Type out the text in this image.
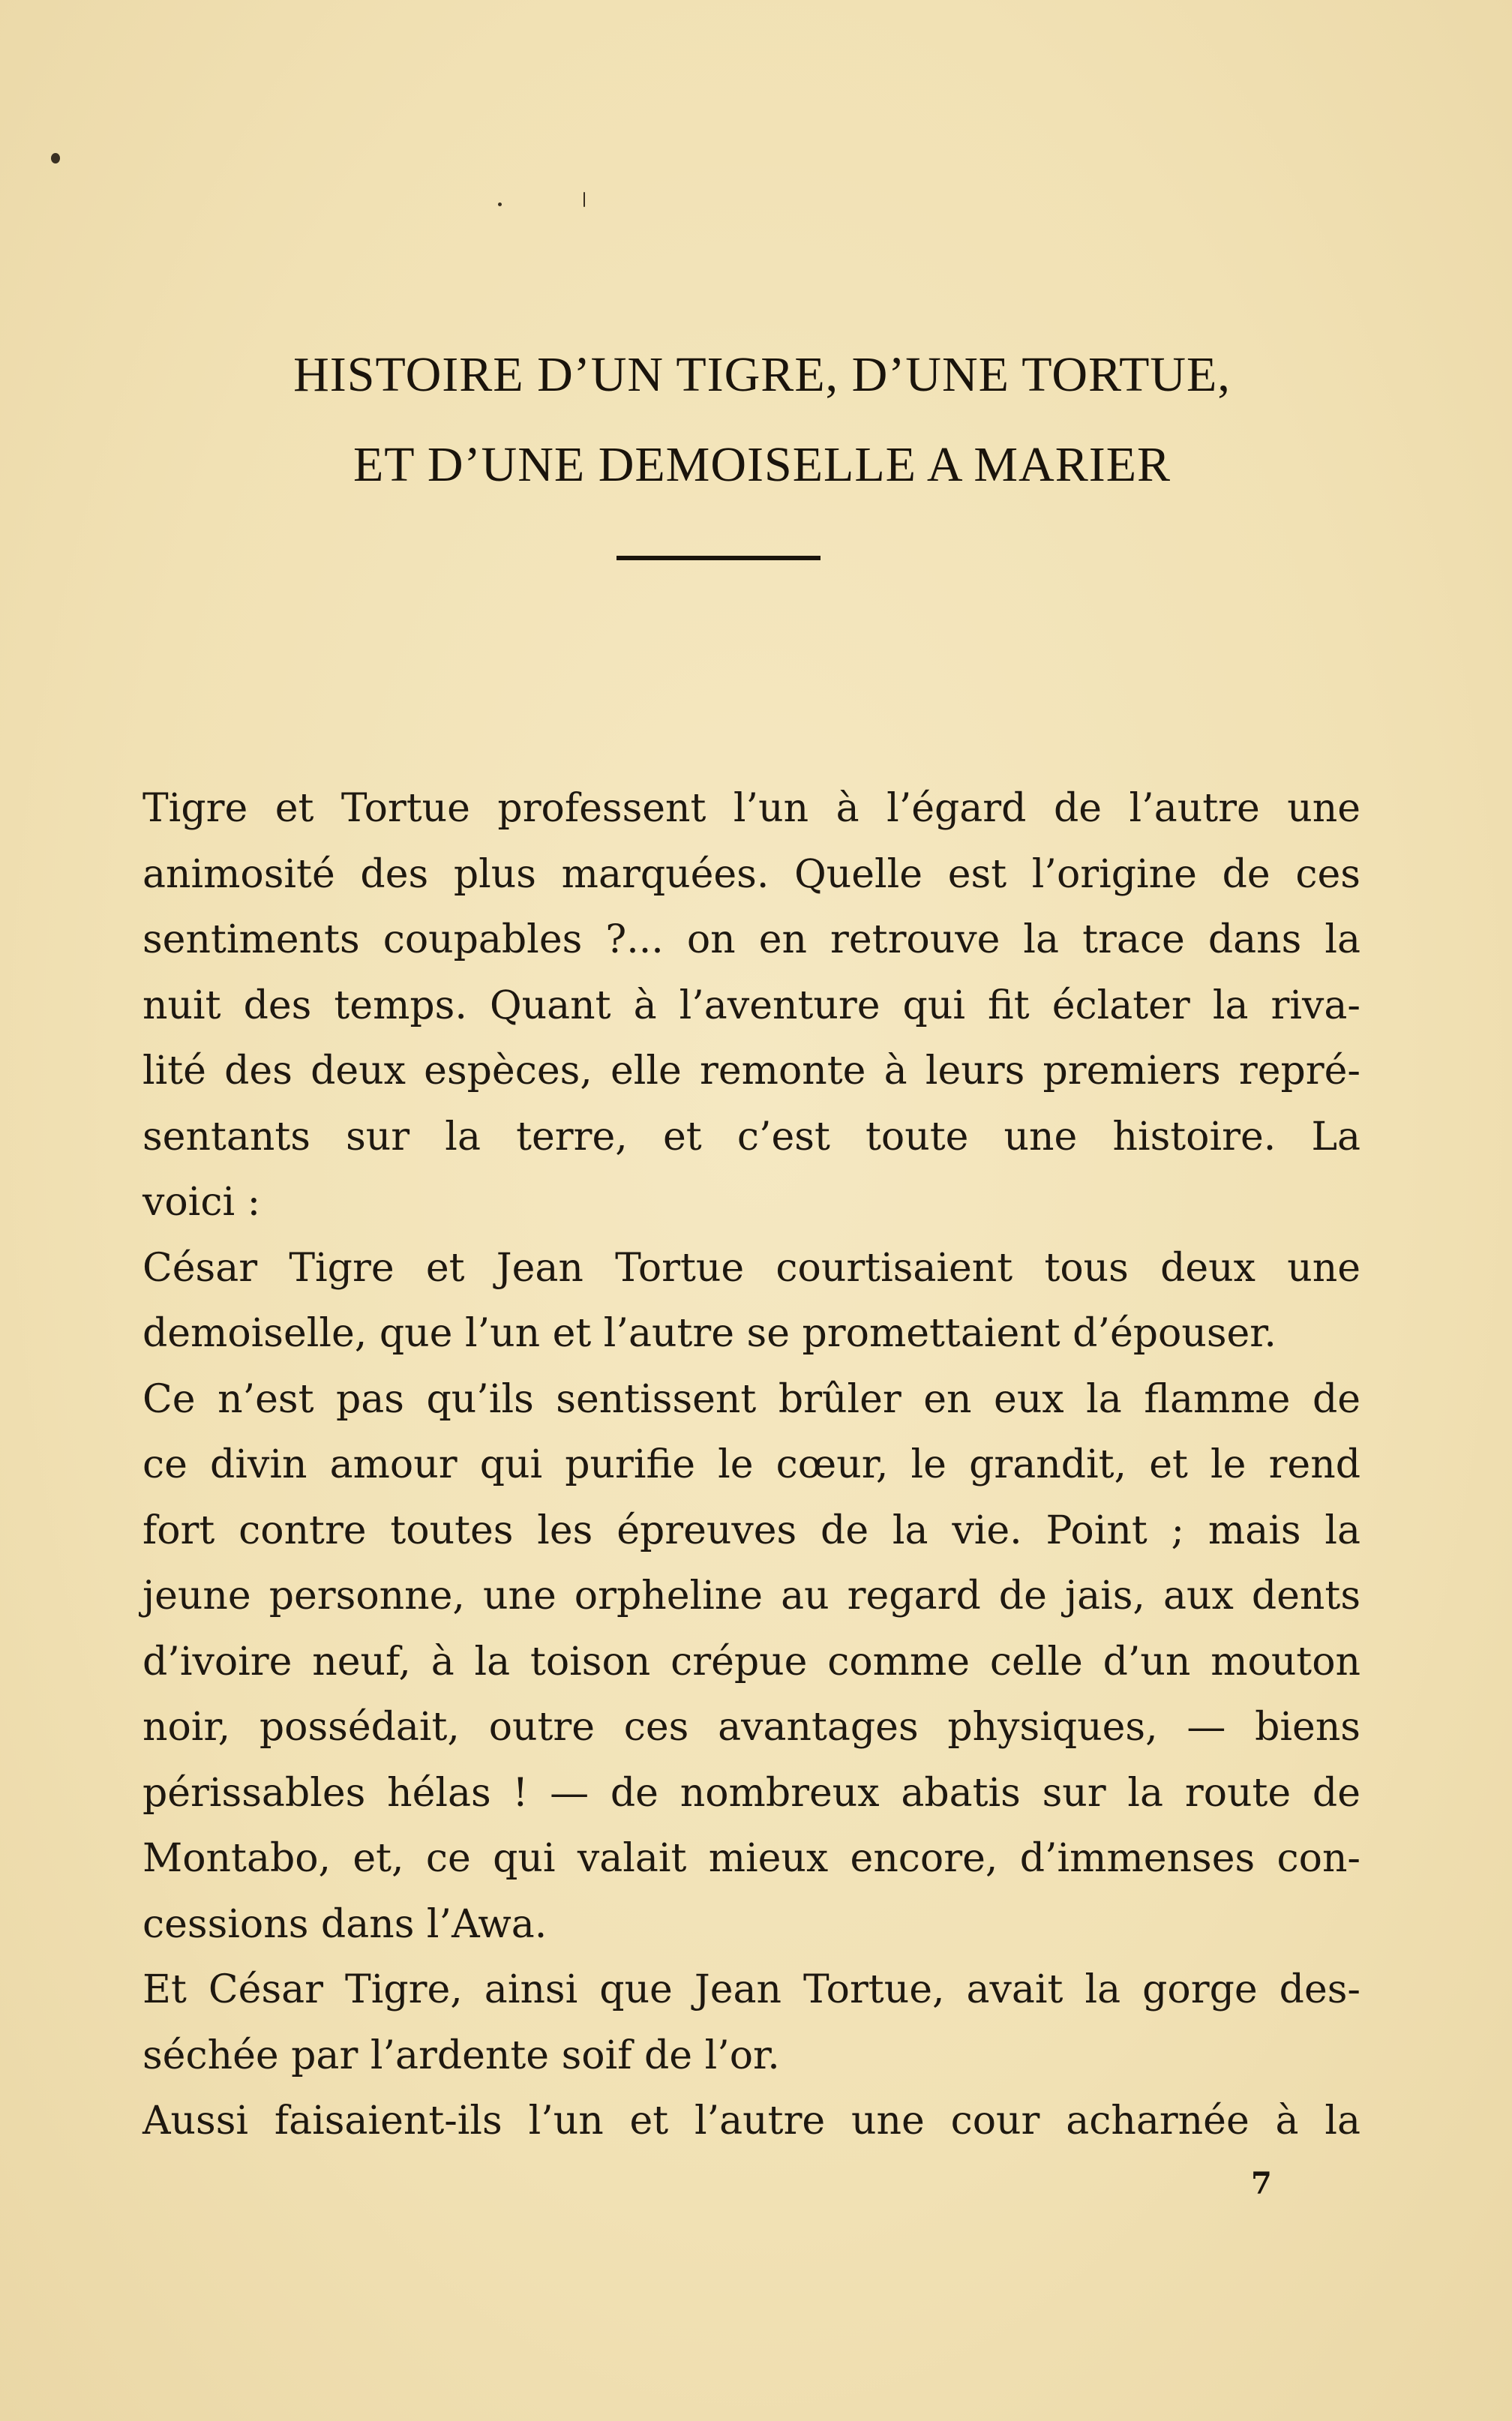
HISTOIRE D’UN TIGRE, D’UNE TORTUE,
ET D’UNE DEMOISELLE A MARIER

Tigre et Tortue professent l’un à l’égard de l’autre une
animosité des plus marquées. Quelle est l’origine de ces
sentiments coupables ?... on en retrouve la trace dans la
nuit des temps. Quant à l’aventure qui fit éclater la riva-
lité des deux espèces, elle remonte à leurs premiers repré-
sentants sur la terre, et c’est toute une histoire. La
voici :

César Tigre et Jean Tortue courtisaient tous deux une
demoiselle, que l’un et l’autre se promettaient d’épouser.

Ce n’est pas qu’ils sentissent brûler en eux la flamme de
ce divin amour qui purifie le cœur, le grandit, et le rend
fort contre toutes les épreuves de la vie. Point ; mais la
jeune personne, une orpheline au regard de jais, aux dents
d’ivoire neuf, à la toison crépue comme celle d’un mouton
noir, possédait, outre ces avantages physiques, — biens
périssables hélas ! — de nombreux abatis sur la route de
Montabo, et, ce qui valait mieux encore, d’immenses con-
cessions dans l’Awa.

Et César Tigre, ainsi que Jean Tortue, avait la gorge des-
séchée par l’ardente soif de l’or.

Aussi faisaient-ils l’un et l’autre une cour acharnée à la

7
